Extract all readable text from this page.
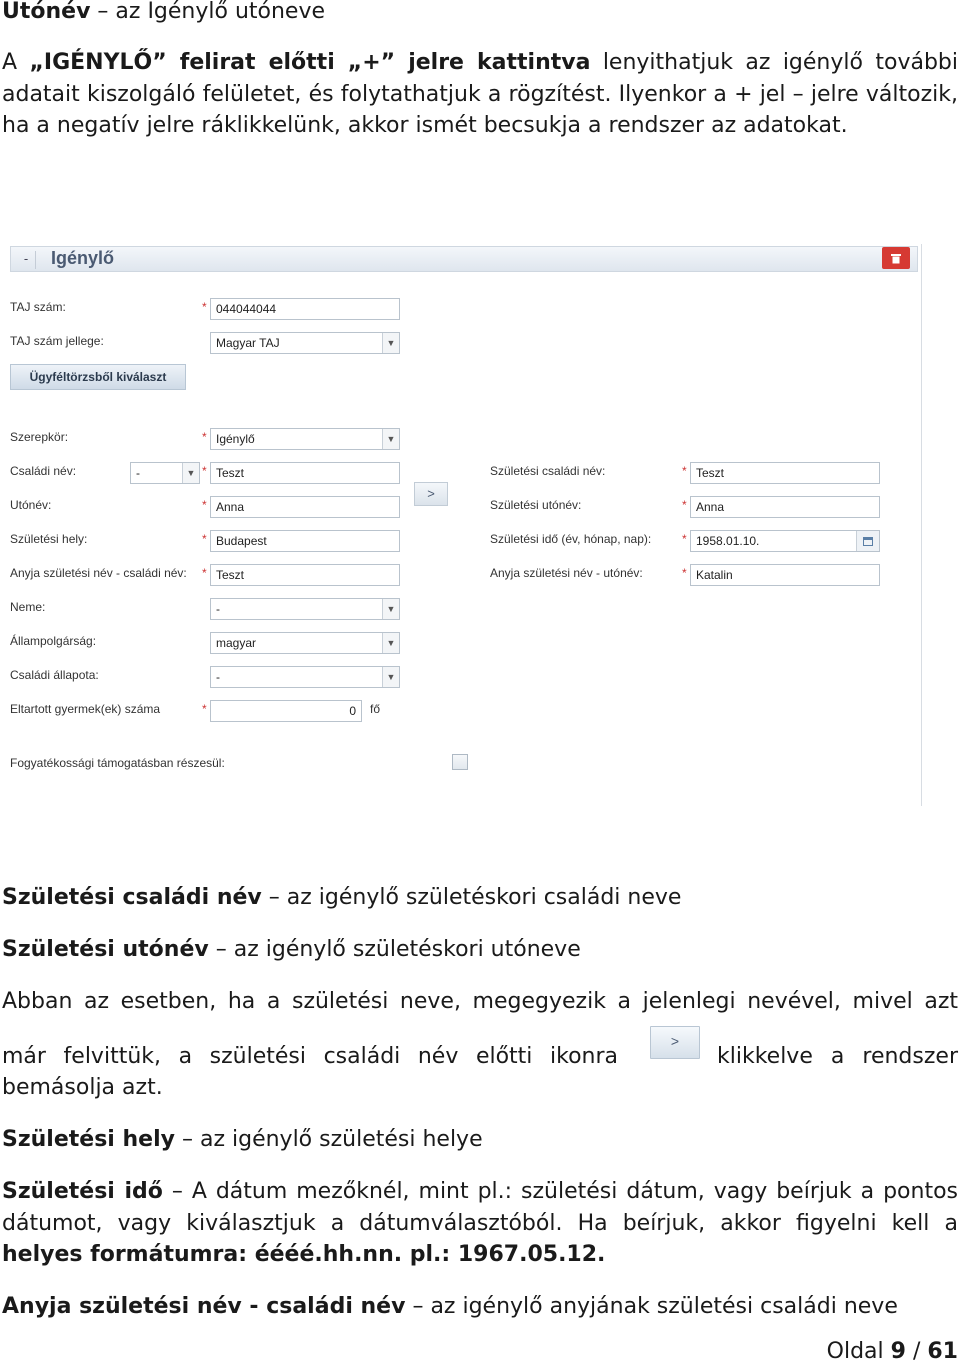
Utónév – az Igénylő utóneve

A „IGÉNYLŐ” felirat előtti „+” jelre kattintva lenyithatjuk az igénylő további adatait kiszolgáló felületet, és folytathatjuk a rögzítést. Ilyenkor a + jel – jelre változik, ha a negatív jelre ráklikkelünk, akkor ismét becsukja a rendszer az adatokat.

-	Igénylő
TAJ szám:	* 044044044
TAJ szám jellege:	Magyar TAJ	▼
Ügyféltörzsből kiválaszt
Szerepkör:	* Igénylő	▼
Családi név:	-	▼ * Teszt
Utónév:	* Anna
Születési hely:	* Budapest
Anyja születési név - családi név: * Teszt
Neme:	-	▼
Állampolgárság:	magyar	▼
Családi állapota:	-	▼
Eltartott gyermek(ek) száma	*	0	fő
Fogyatékossági támogatásban részesül:
>
Születési családi név:	* Teszt
Születési utónév:	* Anna
Születési idő (év, hónap, nap):	* 1958.01.10.
Anyja születési név - utónév:	* Katalin

Születési családi név – az igénylő születéskori családi neve

Születési utónév – az igénylő születéskori utóneve

Abban az esetben, ha a születési neve, megegyezik a jelenlegi nevével, mivel azt

már felvittük, a születési családi név előtti ikonra

>

klikkelve a rendszer

bemásolja azt.

Születési hely – az igénylő születési helye

Születési idő – A dátum mezőknél, mint pl.: születési dátum, vagy beírjuk a pontos dátumot, vagy kiválasztjuk a dátumválasztóból. Ha beírjuk, akkor figyelni kell a helyes formátumra: éééé.hh.nn. pl.: 1967.05.12.

Anyja születési név - családi név – az igénylő anyjának születési családi neve

Oldal 9 / 61
